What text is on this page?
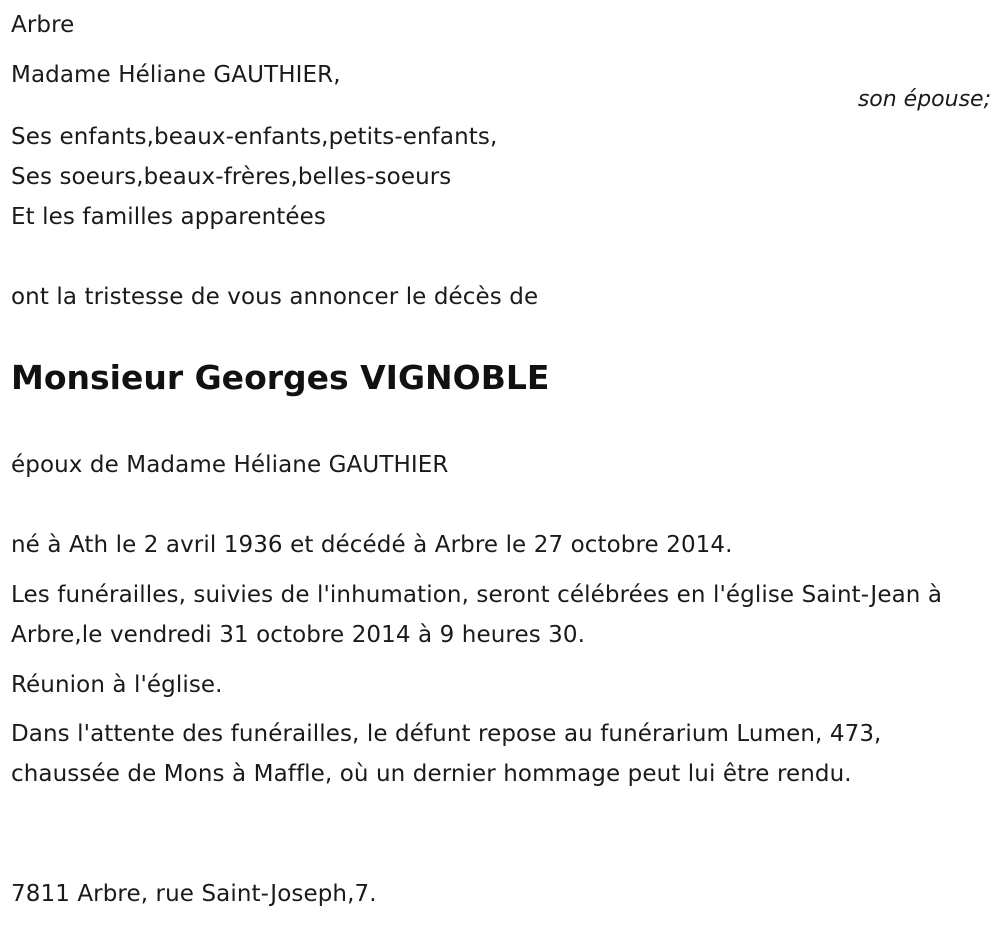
Arbre
Madame Héliane GAUTHIER,
son épouse;
Ses enfants,beaux-enfants,petits-enfants,
Ses soeurs,beaux-frères,belles-soeurs
Et les familles apparentées
ont la tristesse de vous annoncer le décès de
Monsieur Georges VIGNOBLE
époux de Madame Héliane GAUTHIER
né à Ath le 2 avril 1936 et décédé à Arbre le 27 octobre 2014.
Les funérailles, suivies de l'inhumation, seront célébrées en l'église Saint-Jean à Arbre,le vendredi 31 octobre 2014 à 9 heures 30.
Réunion à l'église.
Dans l'attente des funérailles, le défunt repose au funérarium Lumen, 473, chaussée de Mons à Maffle, où un dernier hommage peut lui être rendu.
7811 Arbre, rue Saint-Joseph,7.
